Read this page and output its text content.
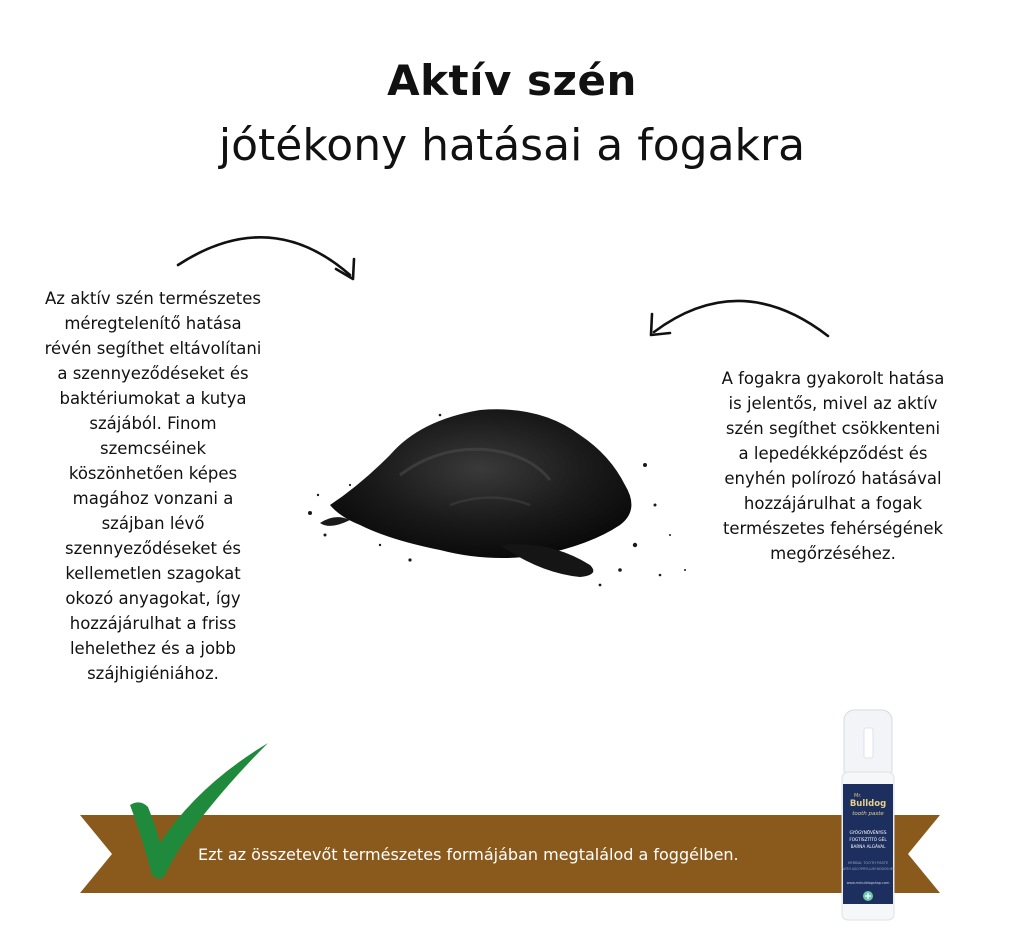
Aktív szén
jótékony hatásai a fogakra
Az aktív szén természetes
méregtelenítő hatása
révén segíthet eltávolítani
a szennyeződéseket és
baktériumokat a kutya
szájából. Finom
szemcséinek
köszönhetően képes
magához vonzani a
szájban lévő
szennyeződéseket és
kellemetlen szagokat
okozó anyagokat, így
hozzájárulhat a friss
lehelethez és a jobb
szájhigiéniához.
A fogakra gyakorolt hatása
is jelentős, mivel az aktív
szén segíthet csökkenteni
a lepedékképződést és
enyhén polírozó hatásával
hozzájárulhat a fogak
természetes fehérségének
megőrzéséhez.
Ezt az összetevőt természetes formájában megtalálod a foggélben.
Mr.
Bulldog
tooth paste
GYÓGYNÖVÉNYES
FOGTISZTÍTÓ GÉL
BARNA ALGÁVAL
HERBAL TOOTH PASTE
WITH ASCOPHYLLUM NODOSUM
www.mrbulldogshop.com
